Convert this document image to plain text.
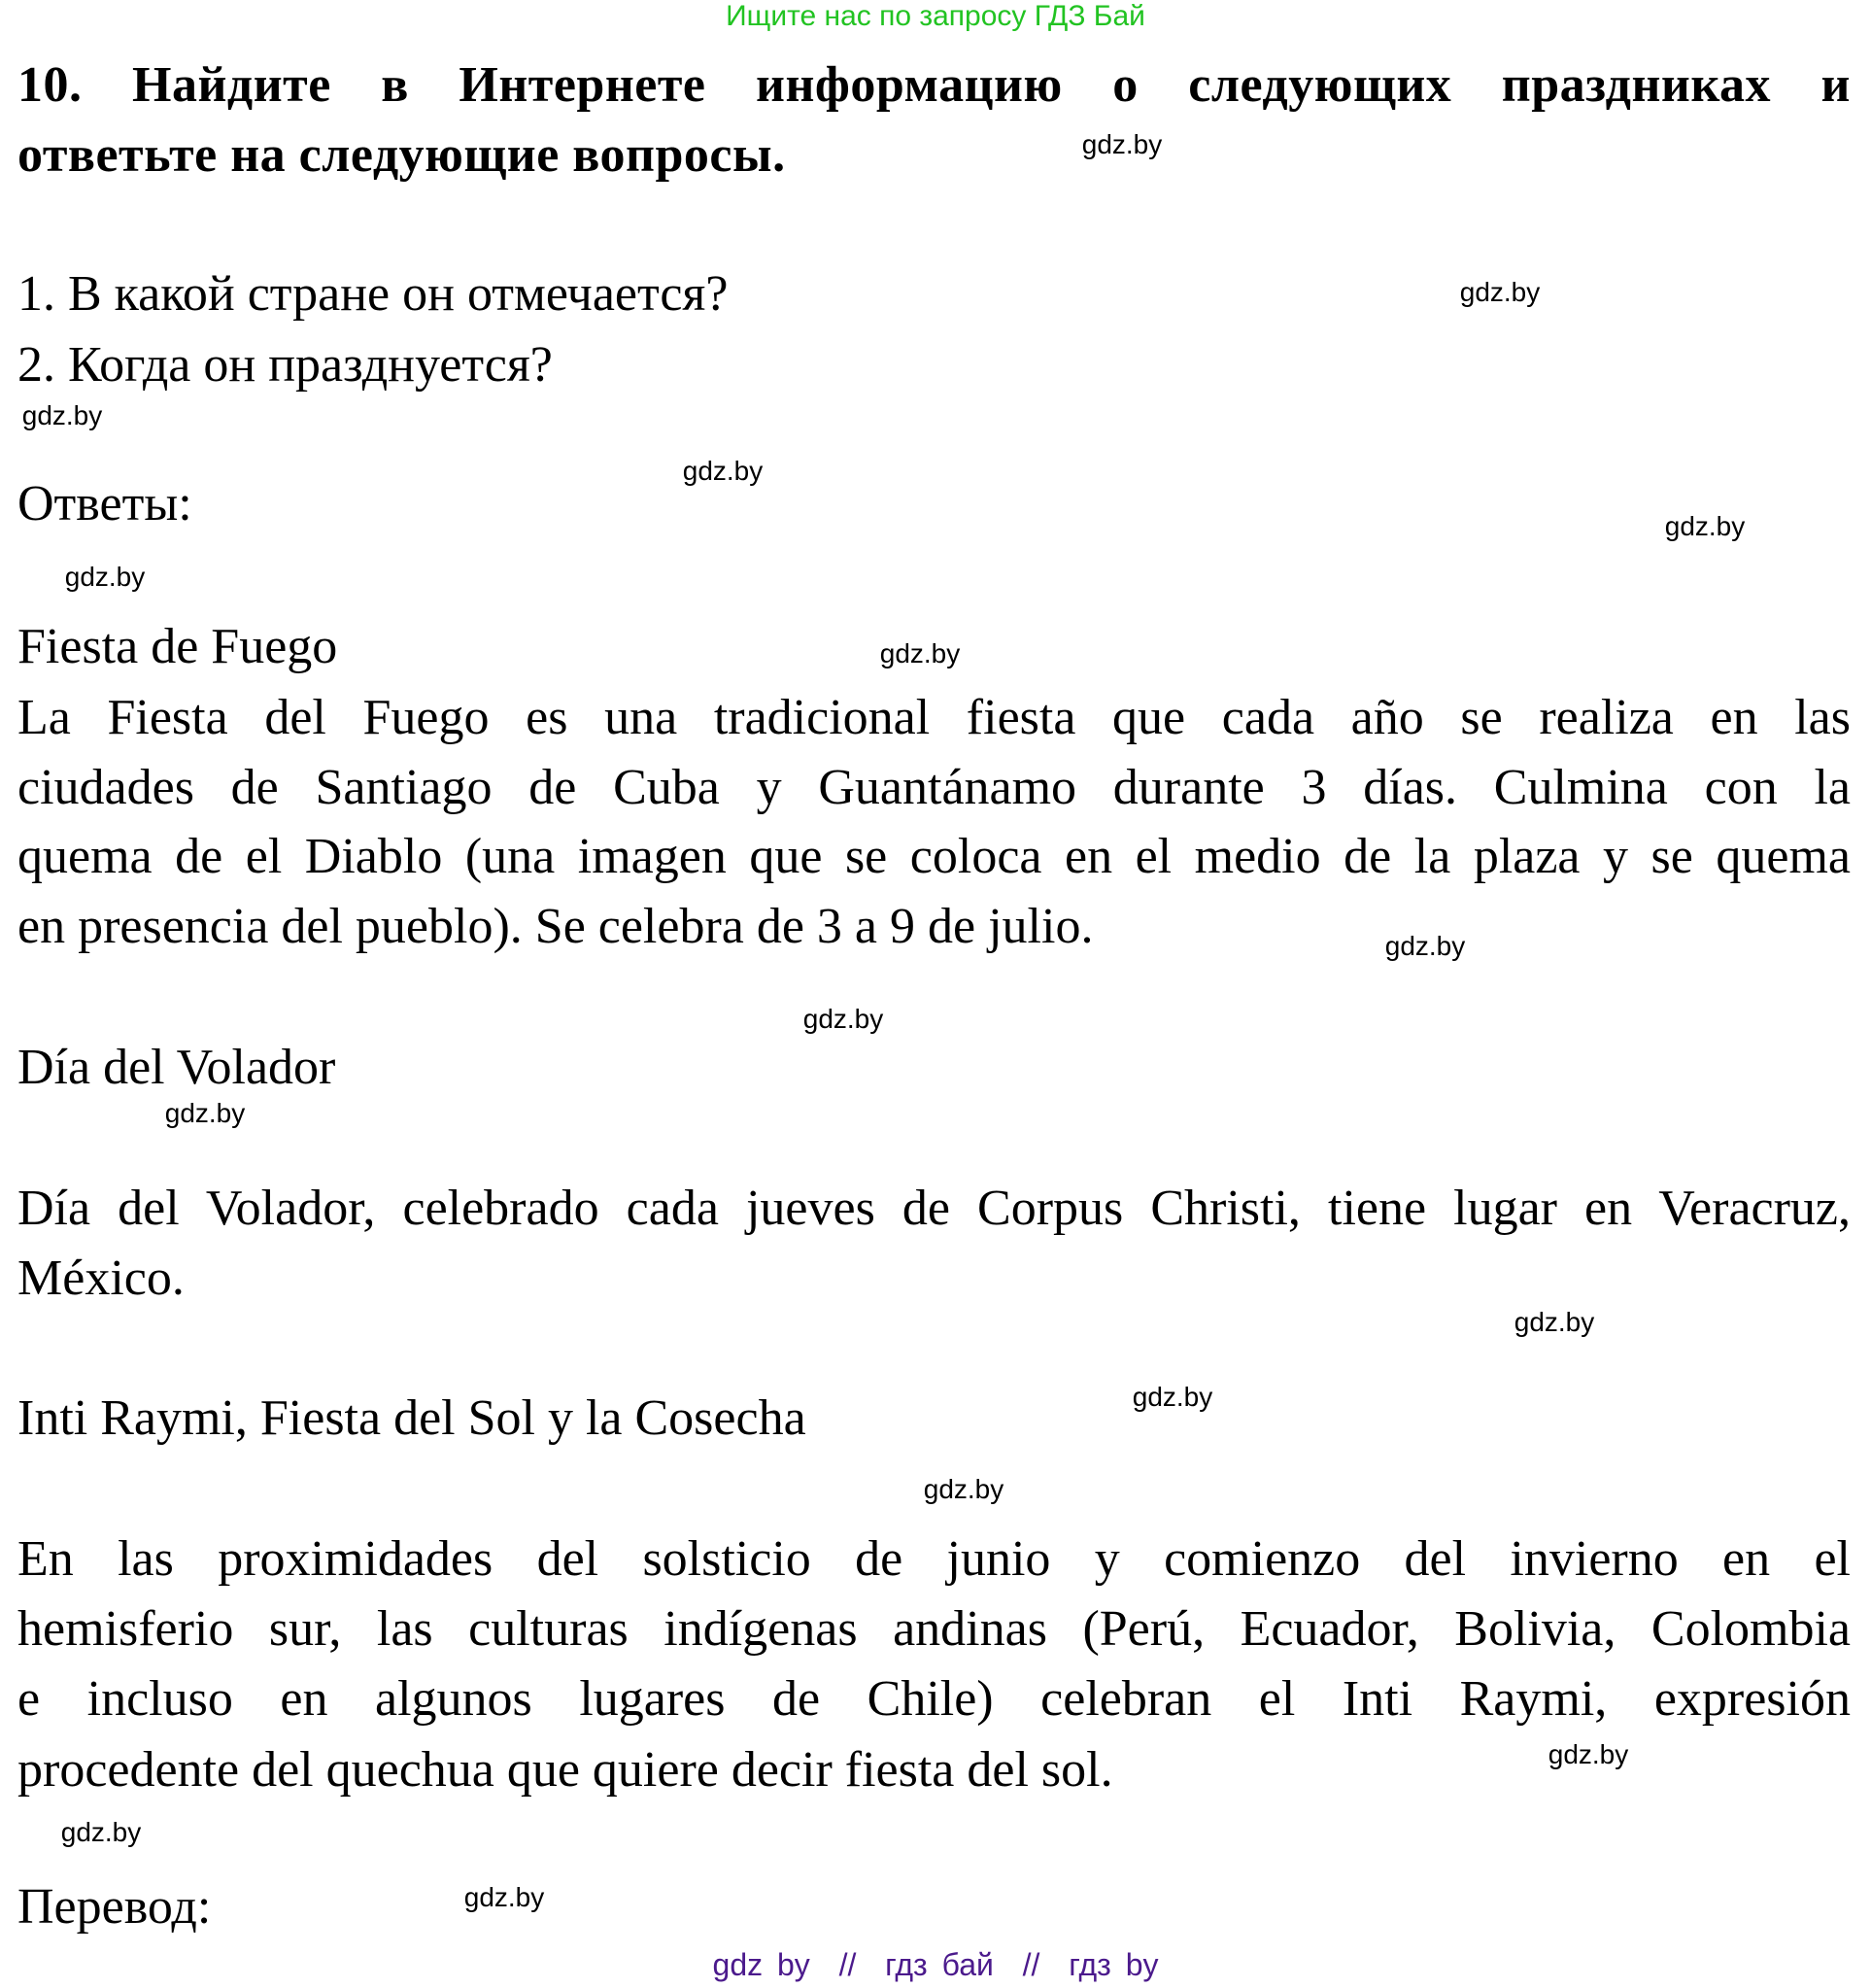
Ищите нас по запросу ГДЗ Бай
10. Найдите в Интернете информацию о следующих праздниках и
ответьте на следующие вопросы.
1. В какой стране он отмечается?
2. Когда он празднуется?
Ответы:
Fiesta de Fuego
La Fiesta del Fuego es una tradicional fiesta que cada año se realiza en las
ciudades de Santiago de Cuba y Guantánamo durante 3 días. Culmina con la
quema de el Diablo (una imagen que se coloca en el medio de la plaza y se quema
en presencia del pueblo). Se celebra de 3 a 9 de julio.
Día del Volador
Día del Volador, celebrado cada jueves de Corpus Christi, tiene lugar en Veracruz,
México.
Inti Raymi, Fiesta del Sol y la Cosecha
En las proximidades del solsticio de junio y comienzo del invierno en el
hemisferio sur, las culturas indígenas andinas (Perú, Ecuador, Bolivia, Colombia
e incluso en algunos lugares de Chile) celebran el Inti Raymi, expresión
procedente del quechua que quiere decir fiesta del sol.
Перевод:
gdz.by
gdz.by
gdz.by
gdz.by
gdz.by
gdz.by
gdz.by
gdz.by
gdz.by
gdz.by
gdz.by
gdz.by
gdz.by
gdz.by
gdz.by
gdz.by
gdz by  //  гдз бай  //  гдз by
